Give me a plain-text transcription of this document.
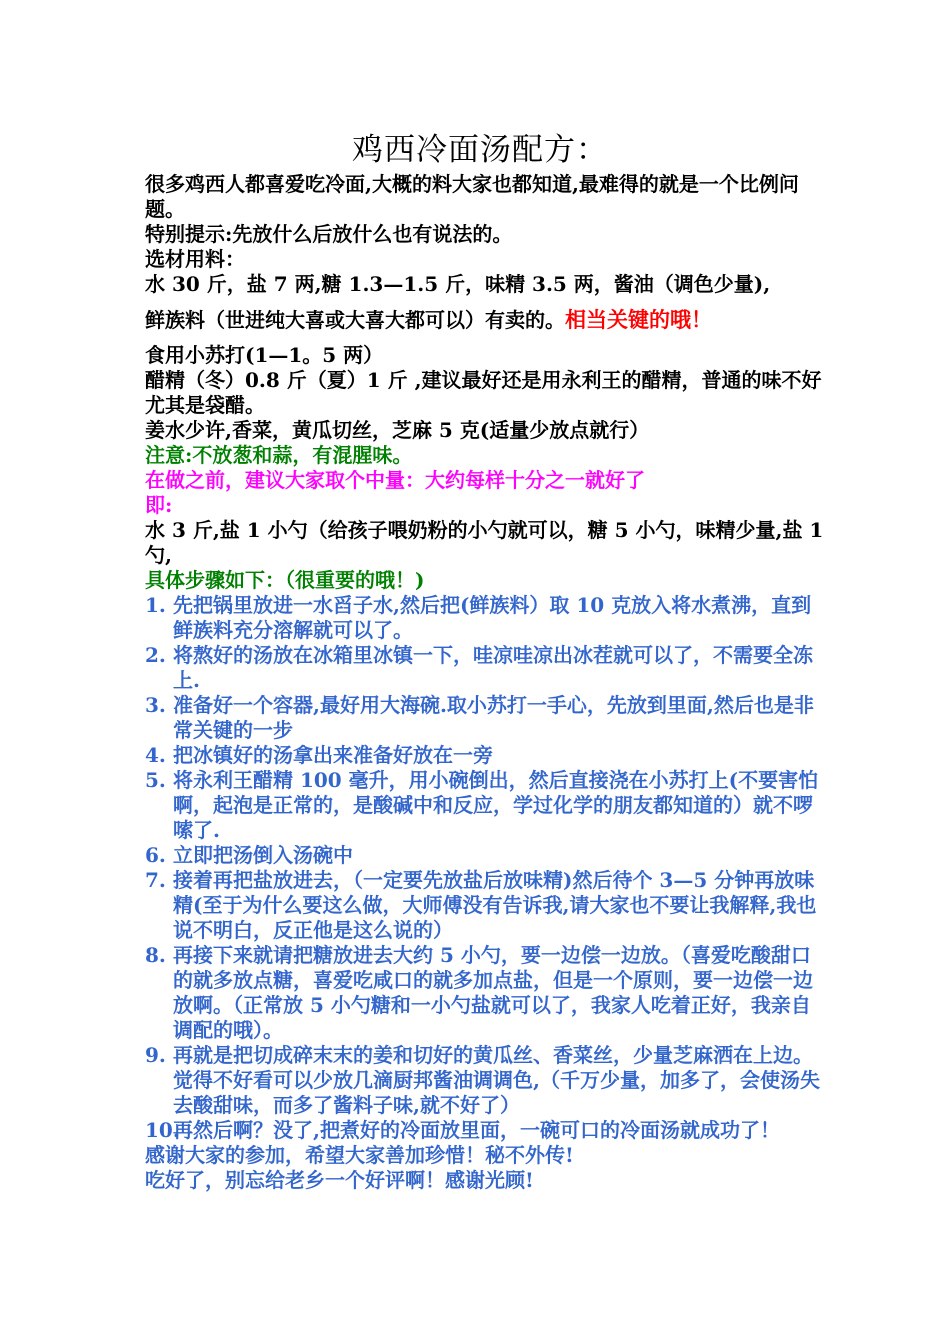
鸡西冷面汤配方：

很多鸡西人都喜爱吃冷面,大概的料大家也都知道,最难得的就是一个比例问题。

特别提示:先放什么后放什么也有说法的。

选材用料：

水 30 斤，盐 7 两,糖 1.3—1.5 斤，味精 3.5 两，酱油（调色少量),

鲜族料（世进纯大喜或大喜大都可以）有卖的。相当关键的哦！

食用小苏打(1—1。5 两）

醋精（冬）0.8 斤（夏）1 斤 ,建议最好还是用永利王的醋精，普通的味不好尤其是袋醋。

姜水少许,香菜，黄瓜切丝，芝麻 5 克(适量少放点就行）

注意:不放葱和蒜，有混腥味。

在做之前，建议大家取个中量：大约每样十分之一就好了

即:

水 3 斤,盐 1 小勺（给孩子喂奶粉的小勺就可以，糖 5 小勺，味精少量,盐 1 勺,

具体步骤如下：（很重要的哦！)

1. 先把锅里放进一水舀子水,然后把(鲜族料）取 10 克放入将水煮沸，直到鲜族料充分溶解就可以了。
2. 将熬好的汤放在冰箱里冰镇一下，哇凉哇凉出冰茬就可以了，不需要全冻上.
3. 准备好一个容器,最好用大海碗.取小苏打一手心，先放到里面,然后也是非常关键的一步
4. 把冰镇好的汤拿出来准备好放在一旁
5. 将永利王醋精 100 毫升，用小碗倒出，然后直接浇在小苏打上(不要害怕啊，起泡是正常的，是酸碱中和反应，学过化学的朋友都知道的）就不啰嗦了.
6. 立即把汤倒入汤碗中
7. 接着再把盐放进去，（一定要先放盐后放味精)然后待个 3—5 分钟再放味精(至于为什么要这么做，大师傅没有告诉我,请大家也不要让我解释,我也说不明白，反正他是这么说的）
8. 再接下来就请把糖放进去大约 5 小勺，要一边偿一边放。（喜爱吃酸甜口的就多放点糖，喜爱吃咸口的就多加点盐，但是一个原则，要一边偿一边放啊。（正常放 5 小勺糖和一小勺盐就可以了，我家人吃着正好，我亲自调配的哦）。
9. 再就是把切成碎末末的姜和切好的黄瓜丝、香菜丝，少量芝麻洒在上边。觉得不好看可以少放几滴厨邦酱油调调色,（千万少量，加多了，会使汤失去酸甜味，而多了酱料子味,就不好了）
10.
再然后啊？没了,把煮好的冷面放里面，一碗可口的冷面汤就成功了！

感谢大家的参加，希望大家善加珍惜！秘不外传!

吃好了，别忘给老乡一个好评啊！感谢光顾!
